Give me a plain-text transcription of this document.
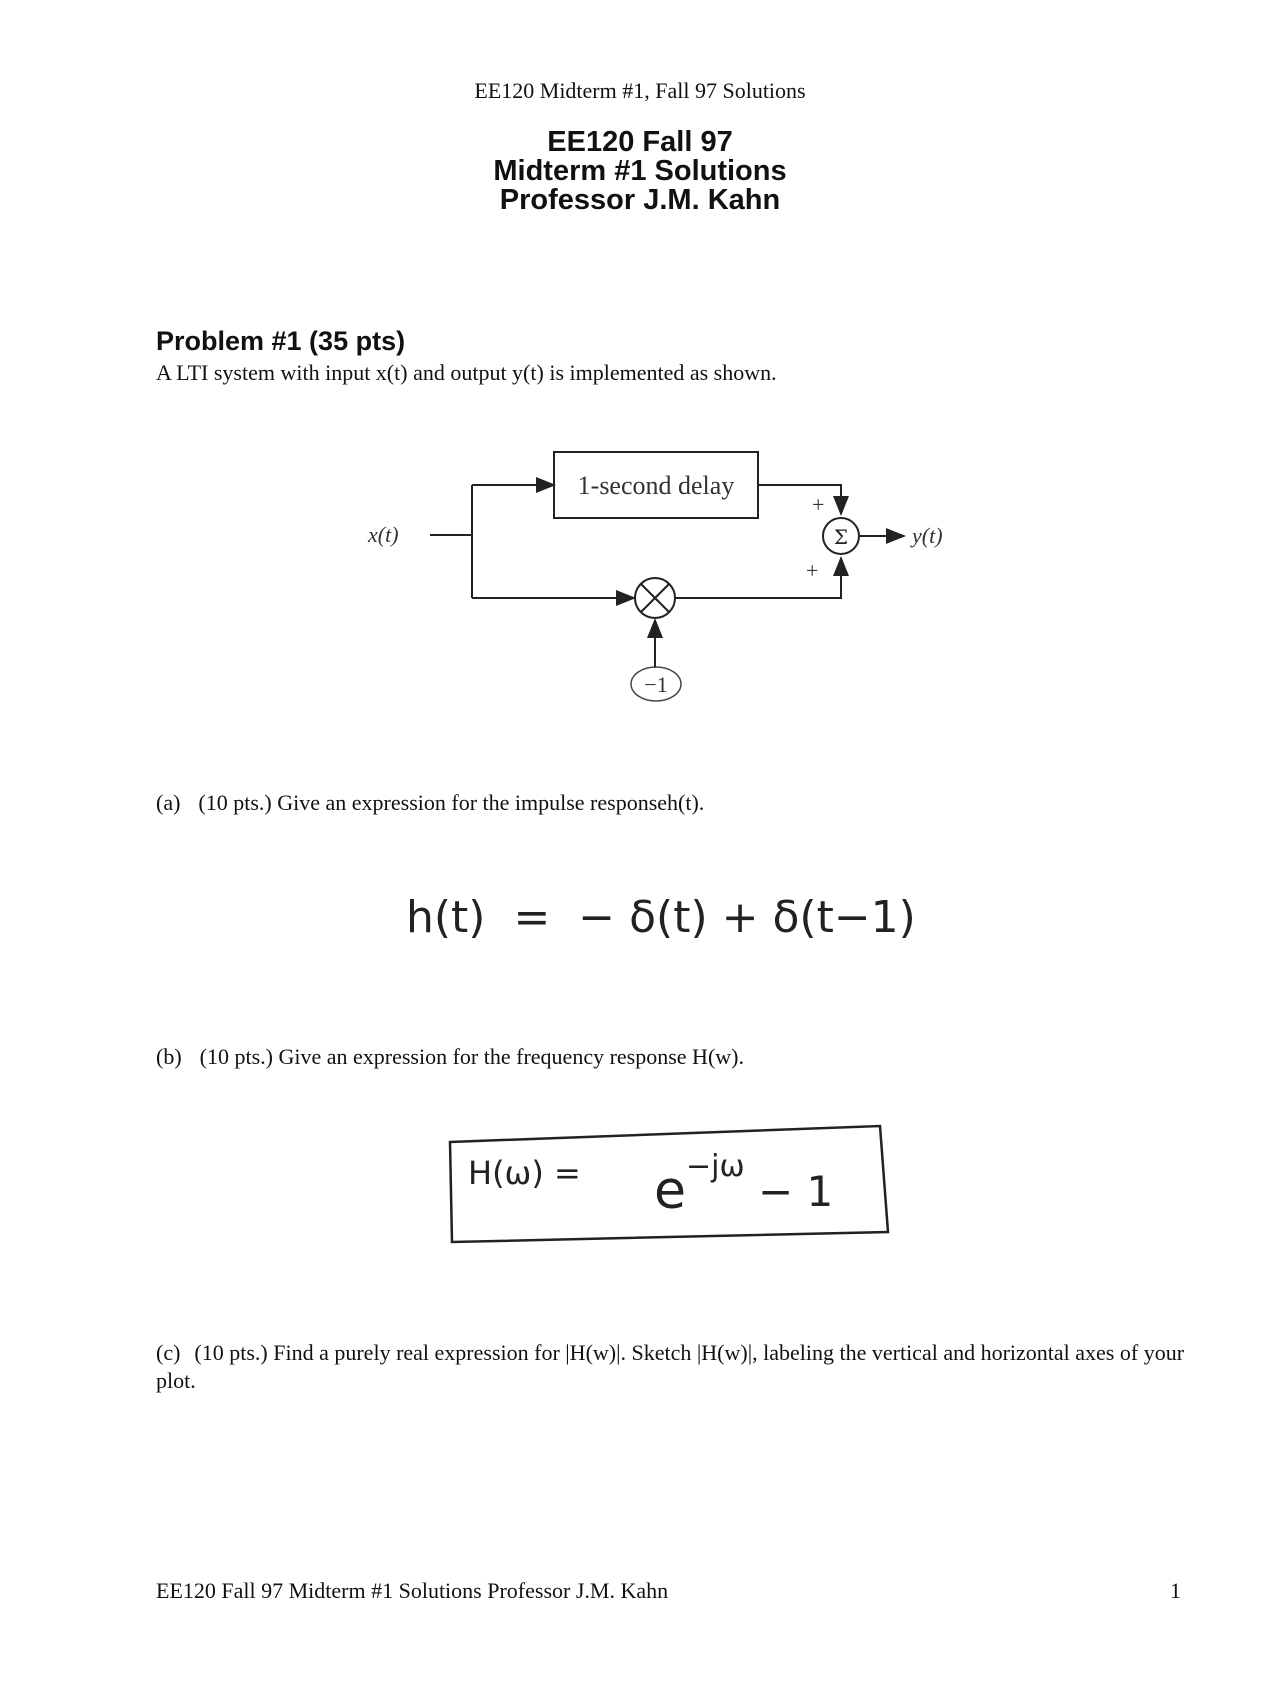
EE120 Midterm #1, Fall 97 Solutions
EE120 Fall 97
Midterm #1 Solutions
Professor J.M. Kahn
Problem #1 (35 pts)
A LTI system with input x(t) and output y(t) is implemented as shown.
x(t)
1-second delay
+
Σ	y(t)
+
−1
(a) (10 pts.) Give an expression for the impulse responseh(t).
h(t)  =  − δ(t) + δ(t−1)
(b) (10 pts.) Give an expression for the frequency response H(w).
H(ω) = e −jω
− 1
(c) (10 pts.) Find a purely real expression for |H(w)|. Sketch |H(w)|, labeling the vertical and horizontal axes of your plot.
EE120 Fall 97 Midterm #1 Solutions Professor J.M. Kahn	1
